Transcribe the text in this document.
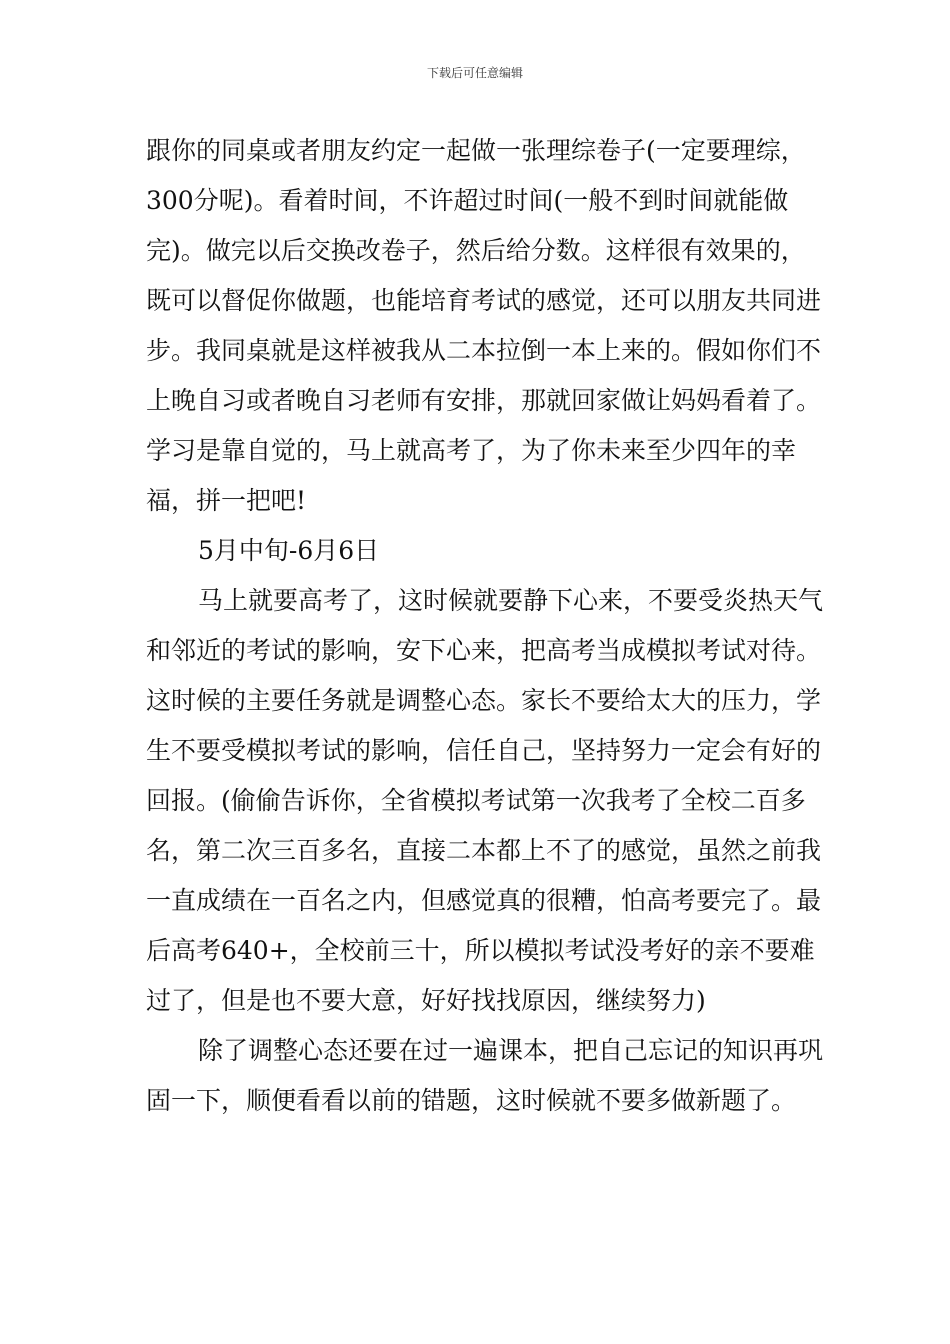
下载后可任意编辑

跟你的同桌或者朋友约定一起做一张理综卷子(一定要理综，300分呢)。看着时间，不许超过时间(一般不到时间就能做完)。做完以后交换改卷子，然后给分数。这样很有效果的，既可以督促你做题，也能培育考试的感觉，还可以朋友共同进步。我同桌就是这样被我从二本拉倒一本上来的。假如你们不上晚自习或者晚自习老师有安排，那就回家做让妈妈看着了。学习是靠自觉的，马上就高考了，为了你未来至少四年的幸福，拼一把吧!

5月中旬-6月6日

马上就要高考了，这时候就要静下心来，不要受炎热天气和邻近的考试的影响，安下心来，把高考当成模拟考试对待。这时候的主要任务就是调整心态。家长不要给太大的压力，学生不要受模拟考试的影响，信任自己，坚持努力一定会有好的回报。(偷偷告诉你，全省模拟考试第一次我考了全校二百多名，第二次三百多名，直接二本都上不了的感觉，虽然之前我一直成绩在一百名之内，但感觉真的很糟，怕高考要完了。最后高考640+，全校前三十，所以模拟考试没考好的亲不要难过了，但是也不要大意，好好找找原因，继续努力)

除了调整心态还要在过一遍课本，把自己忘记的知识再巩固一下，顺便看看以前的错题，这时候就不要多做新题了。
